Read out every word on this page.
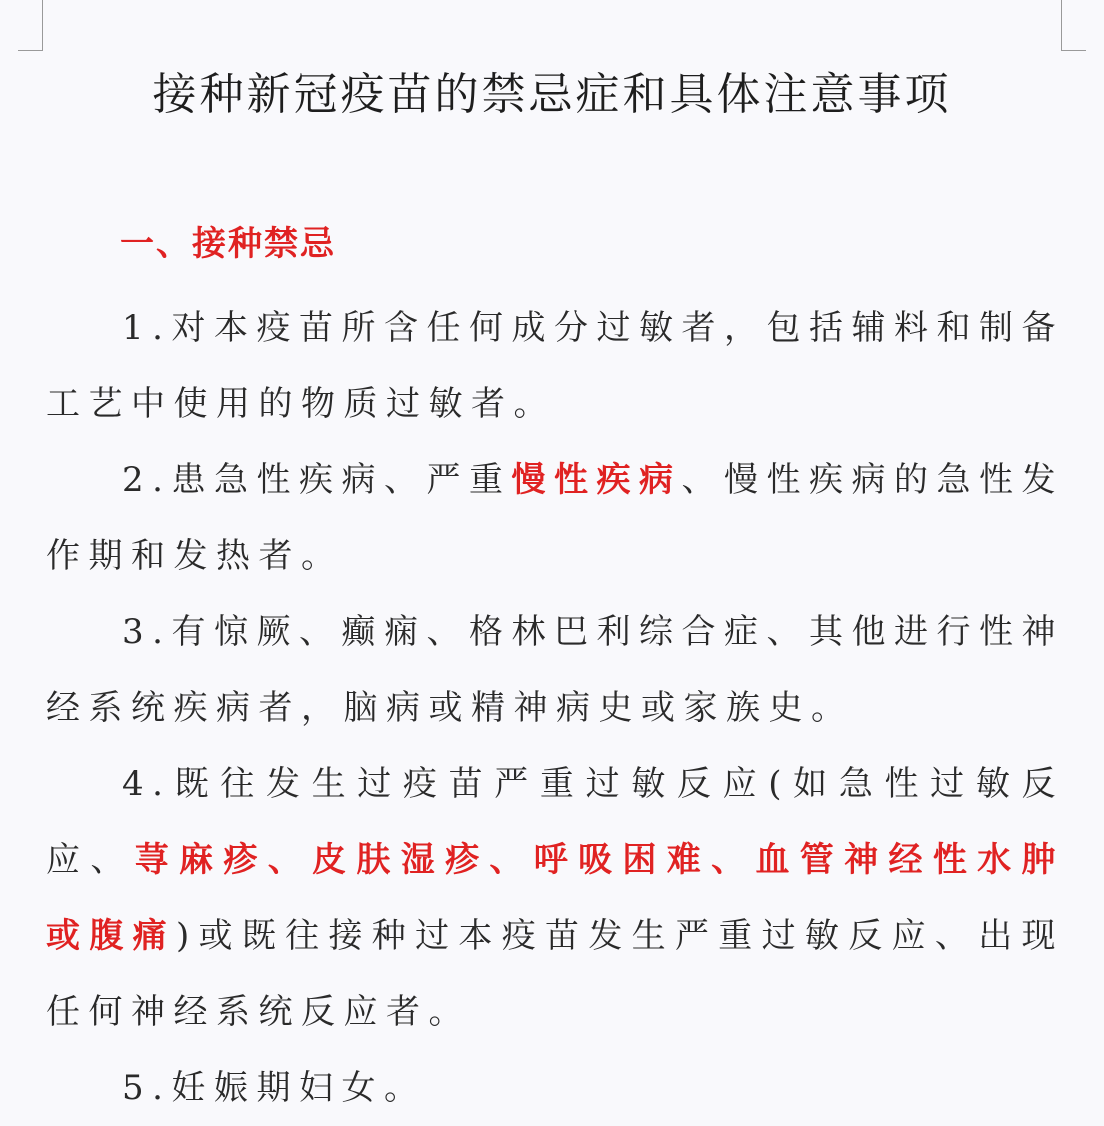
接种新冠疫苗的禁忌症和具体注意事项
一、接种禁忌

1.对本疫苗所含任何成分过敏者，包括辅料和制备工艺中使用的物质过敏者。

2.患急性疾病、严重慢性疾病、慢性疾病的急性发作期和发热者。

3.有惊厥、癫痫、格林巴利综合症、其他进行性神经系统疾病者，脑病或精神病史或家族史。

4.既往发生过疫苗严重过敏反应(如急性过敏反应、荨麻疹、皮肤湿疹、呼吸困难、血管神经性水肿或腹痛)或既往接种过本疫苗发生严重过敏反应、出现任何神经系统反应者。

5.妊娠期妇女。
